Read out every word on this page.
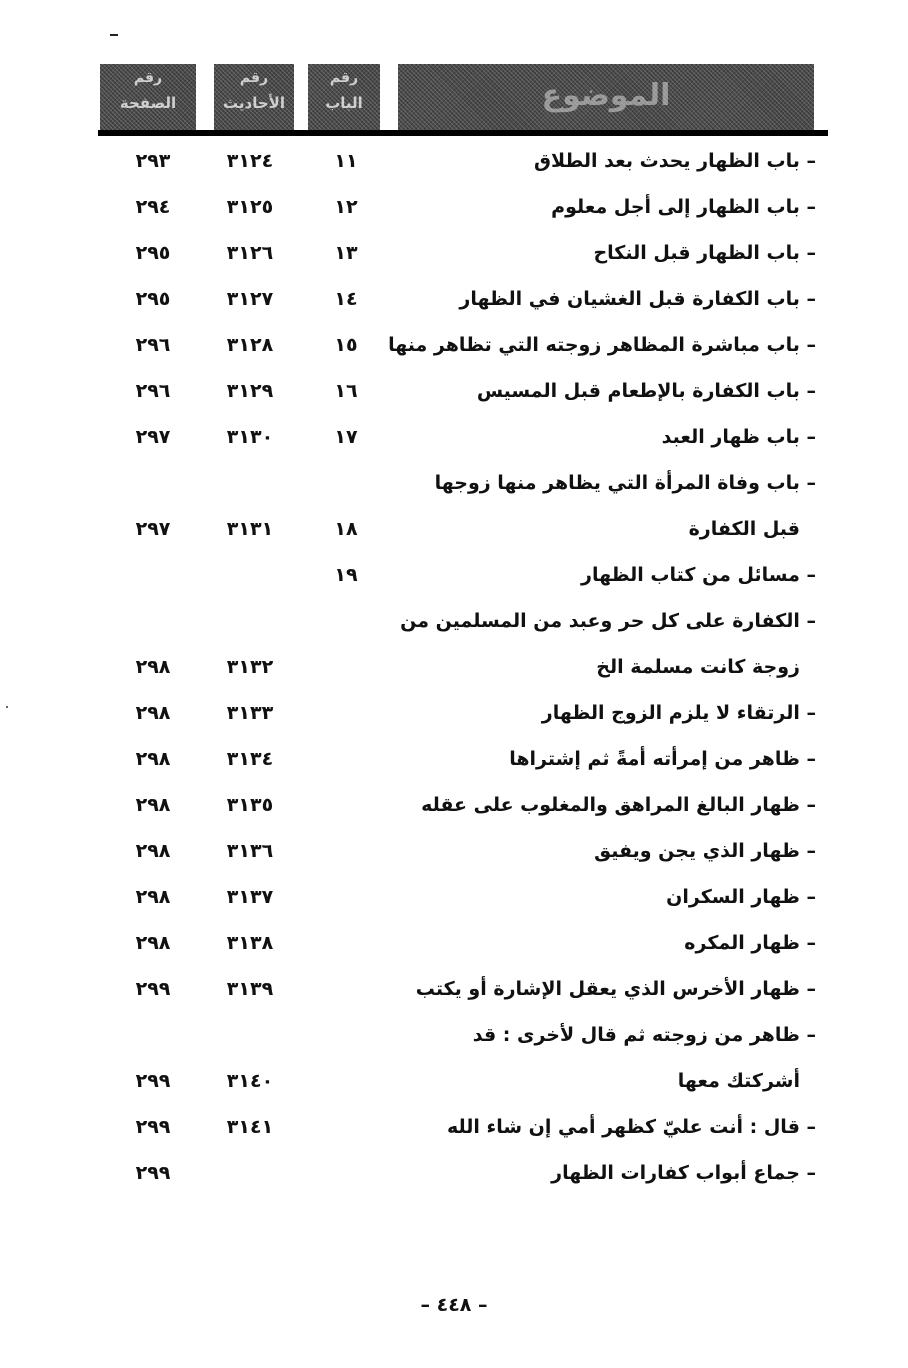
رقم
الصفحة
رقم
الأحاديث
رقم
الباب	الموضوع
– باب الظهار يحدث بعد الطلاق
١١
٣١٢٤
٢٩٣
– باب الظهار إلى أجل معلوم
١٢
٣١٢٥
٢٩٤
– باب الظهار قبل النكاح
١٣
٣١٢٦
٢٩٥
– باب الكفارة قبل الغشيان في الظهار
١٤
٣١٢٧
٢٩٥
– باب مباشرة المظاهر زوجته التي تظاهر منها
١٥
٣١٢٨
٢٩٦
– باب الكفارة بالإطعام قبل المسيس
١٦
٣١٢٩
٢٩٦
– باب ظهار العبد
١٧
٣١٣٠
٢٩٧
– باب وفاة المرأة التي يظاهر منها زوجها
قبل الكفارة
١٨
٣١٣١
٢٩٧
– مسائل من كتاب الظهار
١٩
– الكفارة على كل حر وعبد من المسلمين من
زوجة كانت مسلمة الخ
٣١٣٢
٢٩٨
– الرتقاء لا يلزم الزوج الظهار
٣١٣٣
٢٩٨
– ظاهر من إمرأته أمةً ثم إشتراها
٣١٣٤
٢٩٨
– ظهار البالغ المراهق والمغلوب على عقله
٣١٣٥
٢٩٨
– ظهار الذي يجن ويفيق
٣١٣٦
٢٩٨
– ظهار السكران
٣١٣٧
٢٩٨
– ظهار المكره
٣١٣٨
٢٩٨
– ظهار الأخرس الذي يعقل الإشارة أو يكتب
٣١٣٩
٢٩٩
– ظاهر من زوجته ثم قال لأخرى : قد
أشركتك معها
٣١٤٠
٢٩٩
– قال : أنت عليّ كظهر أمي إن شاء الله
٣١٤١
٢٩٩
– جماع أبواب كفارات الظهار
٢٩٩
– ٤٤٨ –
